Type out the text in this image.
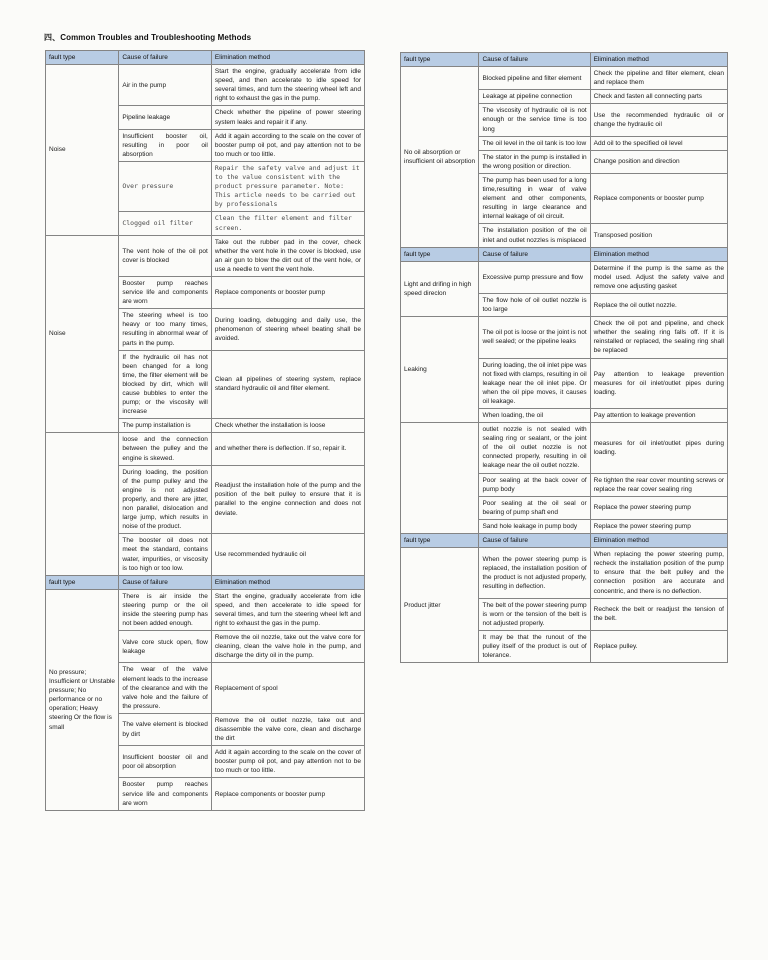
四、Common Troubles and Troubleshooting Methods
fault type	Cause of failure	Elimination method
Noise	Air in the pump	Start the engine, gradually accelerate from idle speed, and then accelerate to idle speed for several times, and turn the steering wheel left and right to exhaust the gas in the pump.
	Pipeline leakage	Check whether the pipeline of power steering system leaks and repair it if any.
	Insufficient booster oil, resulting in poor oil absorption	Add it again according to the scale on the cover of booster pump oil pot, and pay attention not to be too much or too little.
	Over pressure	Repair the safety valve and adjust it to the value consistent with the product pressure parameter. Note: This article needs to be carried out by professionals
	Clogged oil filter	Clean the filter element and filter screen.
Noise	The vent hole of the oil pot cover is blocked	Take out the rubber pad in the cover, check whether the vent hole in the cover is blocked, use an air gun to blow the dirt out of the vent hole, or use a needle to vent the vent hole.
	Booster pump reaches service life and components are worn	Replace components or booster pump
	The steering wheel is too heavy or too many times, resulting in abnormal wear of parts in the pump.	During loading, debugging and daily use, the phenomenon of steering wheel beating shall be avoided.
	If the hydraulic oil has not been changed for a long time, the filter element will be blocked by dirt, which will cause bubbles to enter the pump; or the viscosity will increase	Clean all pipelines of steering system, replace standard hydraulic oil and filter element.
	The pump installation is	Check whether the installation is loose
	loose and the connection between the pulley and the engine is skewed.	and whether there is deflection. If so, repair it.
	During loading, the position of the pump pulley and the engine is not adjusted properly, and there are jitter, non parallel, dislocation and large jump, which results in noise of the product.	Readjust the installation hole of the pump and the position of the belt pulley to ensure that it is parallel to the engine connection and does not deviate.
	The booster oil does not meet the standard, contains water, impurities, or viscosity is too high or too low.	Use recommended hydraulic oil
fault type	Cause of failure	Elimination method
No pressure; Insufficient or Unstable pressure; No performance or no operation; Heavy steering Or the flow is small	There is air inside the steering pump or the oil inside the steering pump has not been added enough.	Start the engine, gradually accelerate from idle speed, and then accelerate to idle speed for several times, and turn the steering wheel left and right to exhaust the gas in the pump.
	Valve core stuck open, flow leakage	Remove the oil nozzle, take out the valve core for cleaning, clean the valve hole in the pump, and discharge the dirty oil in the pump.
	The wear of the valve element leads to the increase of the clearance and with the valve hole and the failure of the pressure.	Replacement of spool
	The valve element is blocked by dirt	Remove the oil outlet nozzle, take out and disassemble the valve core, clean and discharge the dirt
	Insufficient booster oil and poor oil absorption	Add it again according to the scale on the cover of booster pump oil pot, and pay attention not to be too much or too little.
	Booster pump reaches service life and components are worn	Replace components or booster pump
fault type	Cause of failure	Elimination method
No oil absorption or insufficient oil absorption	Blocked pipeline and filter element	Check the pipeline and filter element, clean and replace them
	Leakage at pipeline connection	Check and fasten all connecting parts
	The viscosity of hydraulic oil is not enough or the service time is too long	Use the recommended hydraulic oil or change the hydraulic oil
	The oil level in the oil tank is too low	Add oil to the specified oil level
	The stator in the pump is installed in the wrong position or direction.	Change position and direction
	The pump has been used for a long time,resulting in wear of valve element and other components, resulting in large clearance and internal leakage of oil circuit.	Replace components or booster pump
	The installation position of the oil inlet and outlet nozzles is misplaced	Transposed position
fault type	Cause of failure	Elimination method
Light and drifing in high speed direclon	Excessive pump pressure and flow	Determine if the pump is the same as the model used. Adjust the safety valve and remove one adjusting gasket
	The flow hole of oil outlet nozzle is too large	Replace the oil outlet nozzle.
Leaking	The oil pot is loose or the joint is not well sealed; or the pipeline leaks	Check the oil pot and pipeline, and check whether the sealing ring falls off. If it is reinstalled or replaced, the sealing ring shall be replaced
	During loading, the oil inlet pipe was not fixed with clamps, resulting in oil leakage near the oil inlet pipe. Or when the oil pipe moves, it causes oil leakage.	Pay attention to leakage prevention measures for oil inlet/outlet pipes during loading.
	When loading, the oil	Pay attention to leakage prevention
	outlet nozzle is not sealed with sealing ring or sealant, or the joint of the oil outlet nozzle is not connected properly, resulting in oil leakage near the oil outlet nozzle.	measures for oil inlet/outlet pipes during loading.
	Poor sealing at the back cover of pump body	Re tighten the rear cover mounting screws or replace the rear cover sealing ring
	Poor sealing at the oil seal or bearing of pump shaft end	Replace the power steering pump
	Sand hole leakage in pump body	Replace the power steering pump
fault type	Cause of failure	Elimination method
Product jitter	When the power steering pump is replaced, the installation position of the product is not adjusted properly, resulting in deflection.	When replacing the power steering pump, recheck the installation position of the pump to ensure that the belt pulley and the connection position are accurate and concentric, and there is no deflection.
	The belt of the power steering pump is worn or the tension of the belt is not adjusted properly.	Recheck the belt or readjust the tension of the belt.
	It may be that the runout of the pulley itself of the product is out of tolerance.	Replace pulley.
